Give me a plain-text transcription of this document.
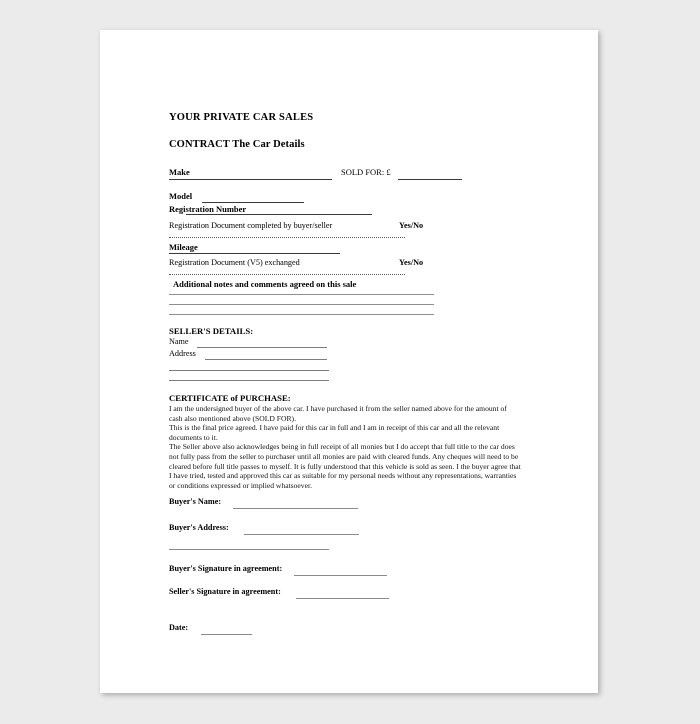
YOUR PRIVATE CAR SALES
CONTRACT The Car Details
Make	SOLD FOR: £
Model
Registration Number
Registration Document completed by buyer/seller	Yes/No
Mileage
Registration Document (V5) exchanged	Yes/No
Additional notes and comments agreed on this sale
SELLER'S DETAILS:
Name
Address
CERTIFICATE of PURCHASE:

I am the undersigned buyer of the above car. I have purchased it from the seller named above for the amount of cash also mentioned above (SOLD FOR).

This is the final price agreed. I have paid for this car in full and I am in receipt of this car and all the relevant documents to it.

The Seller above also acknowledges being in full receipt of all monies but I do accept that full title to the car does not fully pass from the seller to purchaser until all monies are paid with cleared funds. Any cheques will need to be cleared before full title passes to myself. It is fully understood that this vehicle is sold as seen. I the buyer agree that I have tried, tested and approved this car as suitable for my personal needs without any representations, warranties or conditions expressed or implied whatsoever.

Buyer's Name:
Buyer's Address:
Buyer's Signature in agreement:
Seller's Signature in agreement:
Date:
